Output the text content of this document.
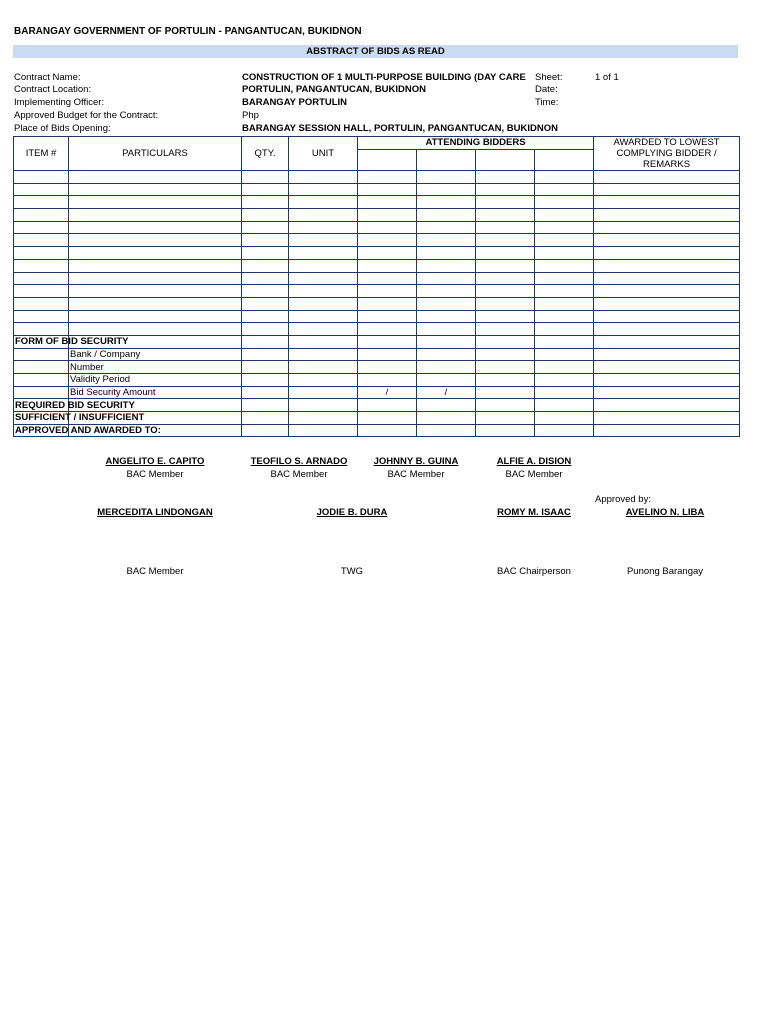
BARANGAY GOVERNMENT OF PORTULIN - PANGANTUCAN, BUKIDNON
ABSTRACT OF BIDS AS READ
Contract Name:	CONSTRUCTION OF 1 MULTI-PURPOSE BUILDING (DAY CARE Sheet:	1 of 1
Contract Location:	PORTULIN, PANGANTUCAN, BUKIDNON	Date:
Implementing Officer:	BARANGAY PORTULIN	Time:
Approved Budget for the Contract:	Php
Place of Bids Opening:	BARANGAY SESSION HALL, PORTULIN, PANGANTUCAN, BUKIDNON
ITEM #	PARTICULARS	QTY.	UNIT	ATTENDING BIDDERS				AWARDED TO LOWEST COMPLYING BIDDER / REMARKS

FORM OF BID SECURITY								
	Bank / Company							
	Number							
	Validity Period							
	Bid Security Amount			/	/			
REQUIRED BID SECURITY								
SUFFICIENT / INSUFFICIENT								
APPROVED AND AWARDED TO:								
ANGELITO E. CAPITO
BAC Member
TEOFILO S. ARNADO
BAC Member
JOHNNY B. GUINA
BAC Member
ALFIE A. DISION
BAC Member
MERCEDITA LINDONGAN
BAC Member
JODIE B. DURA
TWG
ROMY M. ISAAC
BAC Chairperson
AVELINO N. LIBA
Punong Barangay
Approved by:
